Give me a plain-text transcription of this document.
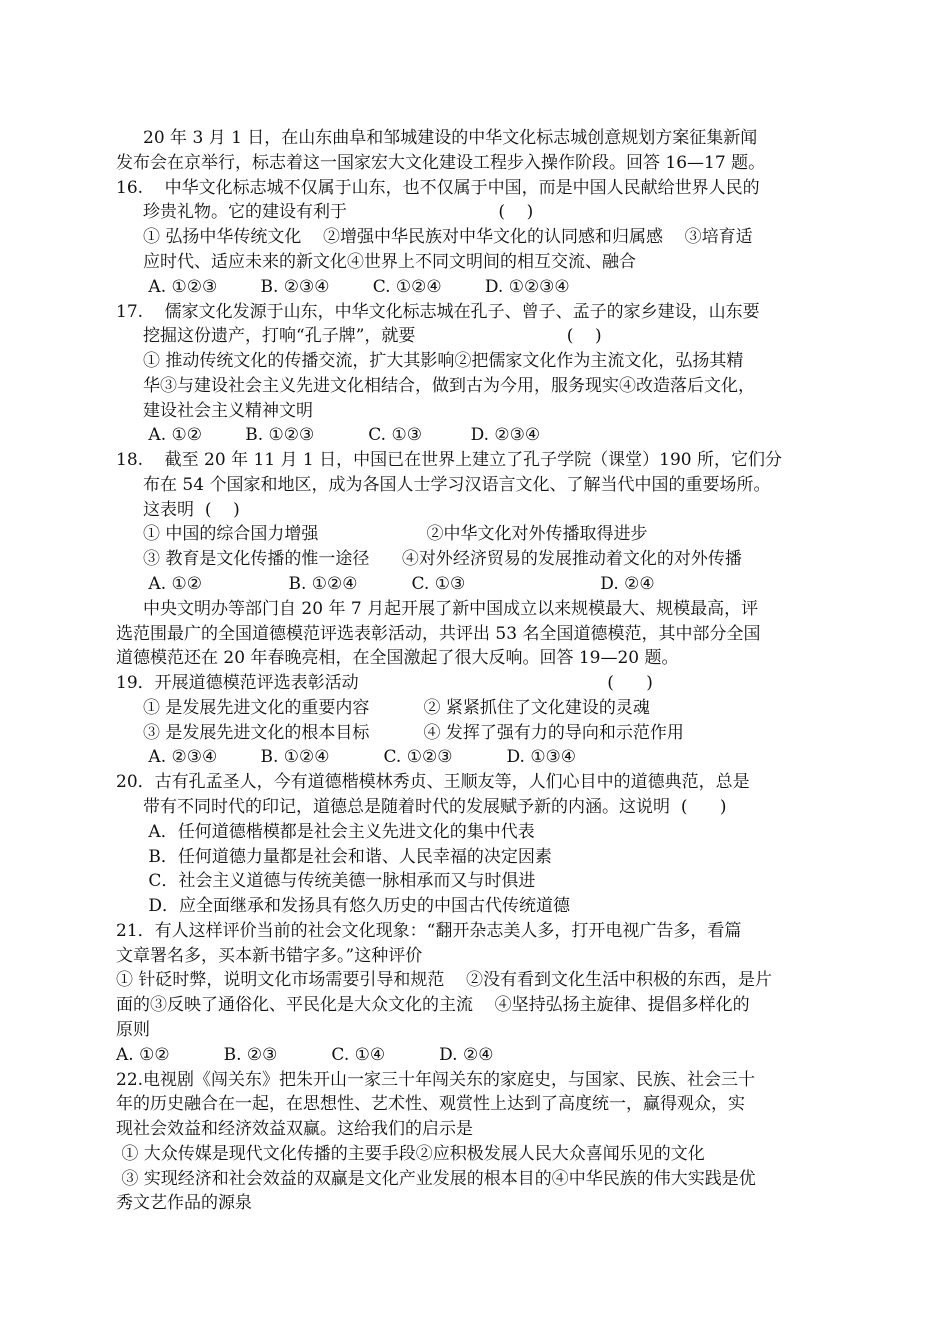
20 年 3 月 1 日，在山东曲阜和邹城建设的中华文化标志城创意规划方案征集新闻
发布会在京举行，标志着这一国家宏大文化建设工程步入操作阶段。回答 16—17 题。
16.    中华文化标志城不仅属于山东，也不仅属于中国，而是中国人民献给世界人民的
珍贵礼物。它的建设有利于                            (    )
① 弘扬中华传统文化    ②增强中华民族对中华文化的认同感和归属感    ③培育适
应时代、适应未来的新文化④世界上不同文明间的相互交流、融合
A. ①②③        B. ②③④        C. ①②④        D. ①②③④
17.    儒家文化发源于山东，中华文化标志城在孔子、曾子、孟子的家乡建设，山东要
挖掘这份遗产，打响“孔子牌”，就要                            (    )
① 推动传统文化的传播交流，扩大其影响②把儒家文化作为主流文化，弘扬其精
华③与建设社会主义先进文化相结合，做到古为今用，服务现实④改造落后文化，
建设社会主义精神文明
A. ①②        B. ①②③          C. ①③         D. ②③④
18.    截至 20 年 11 月 1 日，中国已在世界上建立了孔子学院（课堂）190 所，它们分
布在 54 个国家和地区，成为各国人士学习汉语言文化、了解当代中国的重要场所。
这表明  (    )
① 中国的综合国力增强                    ②中华文化对外传播取得进步
③ 教育是文化传播的惟一途径      ④对外经济贸易的发展推动着文化的对外传播
A. ①②                B. ①②④          C. ①③                         D. ②④
中央文明办等部门自 20 年 7 月起开展了新中国成立以来规模最大、规模最高，评
选范围最广的全国道德模范评选表彰活动，共评出 53 名全国道德模范，其中部分全国
道德模范还在 20 年春晚亮相，在全国激起了很大反响。回答 19—20 题。
19．开展道德模范评选表彰活动                                              (      )
① 是发展先进文化的重要内容          ② 紧紧抓住了文化建设的灵魂
③ 是发展先进文化的根本目标          ④ 发挥了强有力的导向和示范作用
A. ②③④        B. ①②④          C. ①②③          D. ①③④
20．古有孔孟圣人，今有道德楷模林秀贞、王顺友等，人们心目中的道德典范，总是
带有不同时代的印记，道德总是随着时代的发展赋予新的内涵。这说明  (      )
A．任何道德楷模都是社会主义先进文化的集中代表
B．任何道德力量都是社会和谐、人民幸福的决定因素
C．社会主义道德与传统美德一脉相承而又与时俱进
D．应全面继承和发扬具有悠久历史的中国古代传统道德
21．有人这样评价当前的社会文化现象：“翻开杂志美人多，打开电视广告多，看篇
文章署名多，买本新书错字多。”这种评价
① 针砭时弊，说明文化市场需要引导和规范    ②没有看到文化生活中积极的东西，是片
面的③反映了通俗化、平民化是大众文化的主流    ④坚持弘扬主旋律、提倡多样化的
原则
A. ①②          B. ②③          C. ①④          D. ②④
22.电视剧《闯关东》把朱开山一家三十年闯关东的家庭史，与国家、民族、社会三十
年的历史融合在一起，在思想性、艺术性、观赏性上达到了高度统一，赢得观众，实
现社会效益和经济效益双赢。这给我们的启示是
① 大众传媒是现代文化传播的主要手段②应积极发展人民大众喜闻乐见的文化
③ 实现经济和社会效益的双赢是文化产业发展的根本目的④中华民族的伟大实践是优
秀文艺作品的源泉
